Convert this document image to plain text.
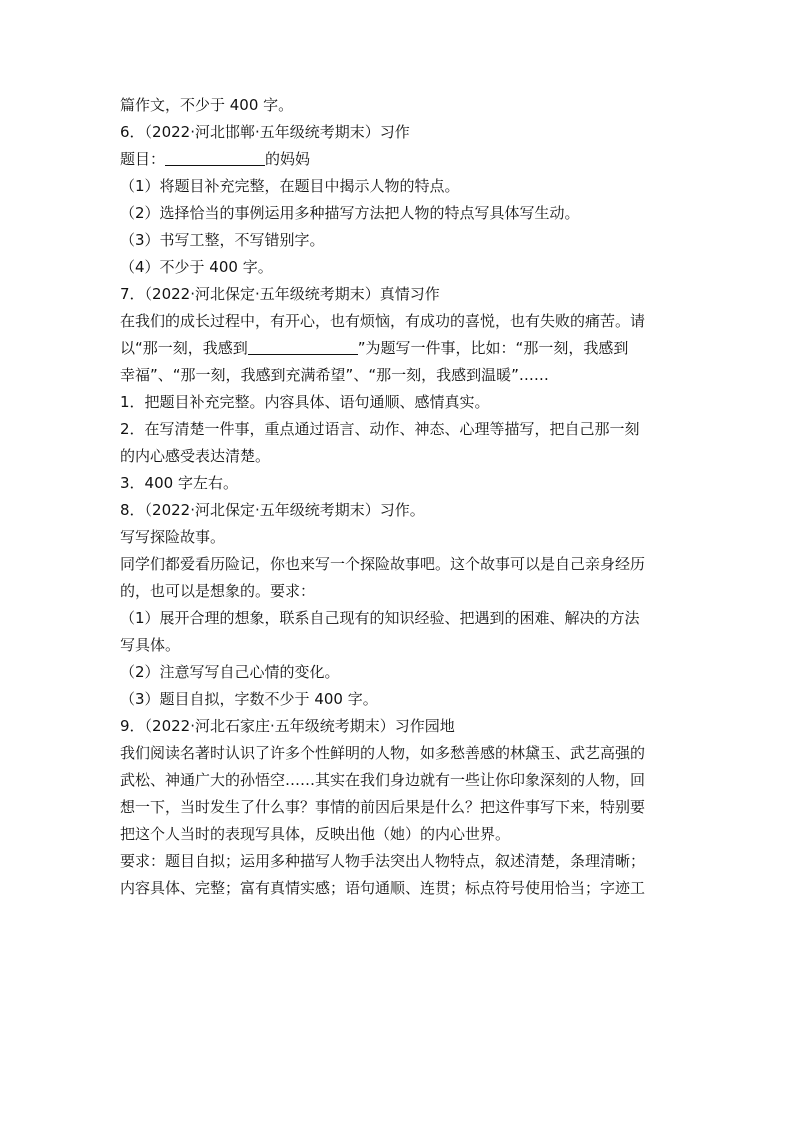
篇作文，不少于 400 字。
6．（2022·河北邯郸·五年级统考期末）习作
题目：	的妈妈
（1）将题目补充完整，在题目中揭示人物的特点。
（2）选择恰当的事例运用多种描写方法把人物的特点写具体写生动。
（3）书写工整，不写错别字。
（4）不少于 400 字。
7．（2022·河北保定·五年级统考期末）真情习作
在我们的成长过程中，有开心，也有烦恼，有成功的喜悦，也有失败的痛苦。请
以“那一刻，我感到	”为题写一件事，比如：“那一刻，我感到
幸福”、“那一刻，我感到充满希望”、“那一刻，我感到温暖”……
1．把题目补充完整。内容具体、语句通顺、感情真实。
2．在写清楚一件事，重点通过语言、动作、神态、心理等描写，把自己那一刻
的内心感受表达清楚。
3．400 字左右。
8．（2022·河北保定·五年级统考期末）习作。
写写探险故事。
同学们都爱看历险记，你也来写一个探险故事吧。这个故事可以是自己亲身经历
的，也可以是想象的。要求：
（1）展开合理的想象，联系自己现有的知识经验、把遇到的困难、解决的方法
写具体。
（2）注意写写自己心情的变化。
（3）题目自拟，字数不少于 400 字。
9．（2022·河北石家庄·五年级统考期末）习作园地
我们阅读名著时认识了许多个性鲜明的人物，如多愁善感的林黛玉、武艺高强的
武松、神通广大的孙悟空……其实在我们身边就有一些让你印象深刻的人物，回
想一下，当时发生了什么事？事情的前因后果是什么？把这件事写下来，特别要
把这个人当时的表现写具体，反映出他（她）的内心世界。
要求：题目自拟；运用多种描写人物手法突出人物特点，叙述清楚，条理清晰；
内容具体、完整；富有真情实感；语句通顺、连贯；标点符号使用恰当；字迹工
